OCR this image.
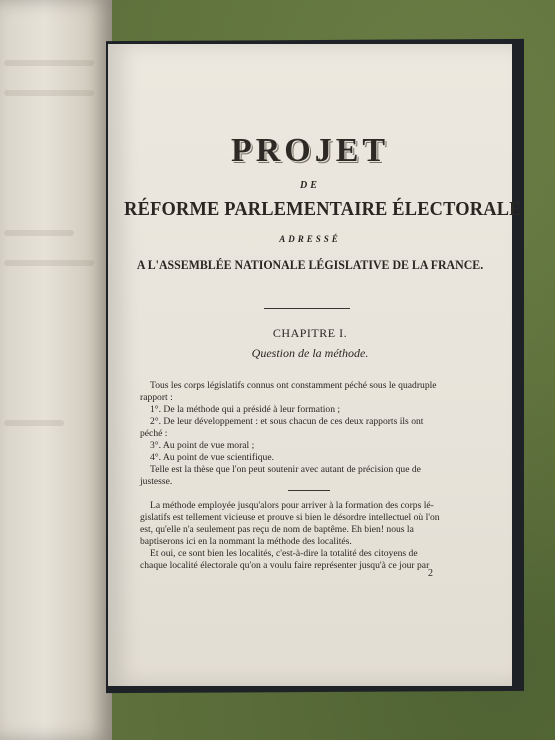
PROJET
DE
RÉFORME PARLEMENTAIRE ÉLECTORALE
ADRESSÉ
A L'ASSEMBLÉE NATIONALE LÉGISLATIVE DE LA FRANCE.
CHAPITRE I.
Question de la méthode.
Tous les corps législatifs connus ont constamment péché sous le quadruple
rapport :
1°. De la méthode qui a présidé à leur formation ;
2°. De leur développement : et sous chacun de ces deux rapports ils ont
péché :
3°. Au point de vue moral ;
4°. Au point de vue scientifique.
Telle est la thèse que l'on peut soutenir avec autant de précision que de
justesse.
La méthode employée jusqu'alors pour arriver à la formation des corps lé-
gislatifs est tellement vicieuse et prouve si bien le désordre intellectuel où l'on
est, qu'elle n'a seulement pas reçu de nom de baptême. Eh bien! nous la
baptiserons ici en la nommant la méthode des localités.
Et oui, ce sont bien les localités, c'est-à-dire la totalité des citoyens de
chaque localité électorale qu'on a voulu faire représenter jusqu'à ce jour par
2
